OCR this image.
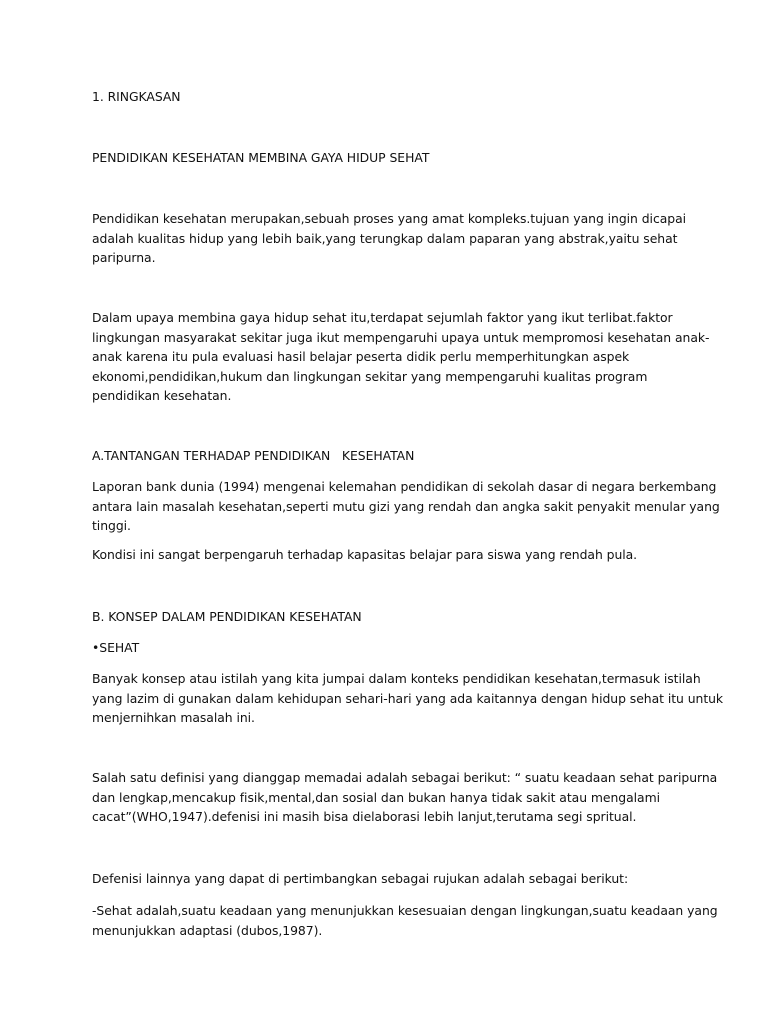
1. RINGKASAN

PENDIDIKAN KESEHATAN MEMBINA GAYA HIDUP SEHAT

Pendidikan kesehatan merupakan,sebuah proses yang amat kompleks.tujuan yang ingin dicapai
adalah kualitas hidup yang lebih baik,yang terungkap dalam paparan yang abstrak,yaitu sehat
paripurna.
Dalam upaya membina gaya hidup sehat itu,terdapat sejumlah faktor yang ikut terlibat.faktor
lingkungan masyarakat sekitar juga ikut mempengaruhi upaya untuk mempromosi kesehatan anak-
anak karena itu pula evaluasi hasil belajar peserta didik perlu memperhitungkan aspek
ekonomi,pendidikan,hukum dan lingkungan sekitar yang mempengaruhi kualitas program
pendidikan kesehatan.

A.TANTANGAN TERHADAP PENDIDIKAN   KESEHATAN

Laporan bank dunia (1994) mengenai kelemahan pendidikan di sekolah dasar di negara berkembang
antara lain masalah kesehatan,seperti mutu gizi yang rendah dan angka sakit penyakit menular yang
tinggi.

Kondisi ini sangat berpengaruh terhadap kapasitas belajar para siswa yang rendah pula.

B. KONSEP DALAM PENDIDIKAN KESEHATAN

•SEHAT

Banyak konsep atau istilah yang kita jumpai dalam konteks pendidikan kesehatan,termasuk istilah
yang lazim di gunakan dalam kehidupan sehari-hari yang ada kaitannya dengan hidup sehat itu untuk
menjernihkan masalah ini.
Salah satu definisi yang dianggap memadai adalah sebagai berikut: “ suatu keadaan sehat paripurna
dan lengkap,mencakup fisik,mental,dan sosial dan bukan hanya tidak sakit atau mengalami
cacat”(WHO,1947).defenisi ini masih bisa dielaborasi lebih lanjut,terutama segi spritual.

Defenisi lainnya yang dapat di pertimbangkan sebagai rujukan adalah sebagai berikut:

-Sehat adalah,suatu keadaan yang menunjukkan kesesuaian dengan lingkungan,suatu keadaan yang
menunjukkan adaptasi (dubos,1987).
